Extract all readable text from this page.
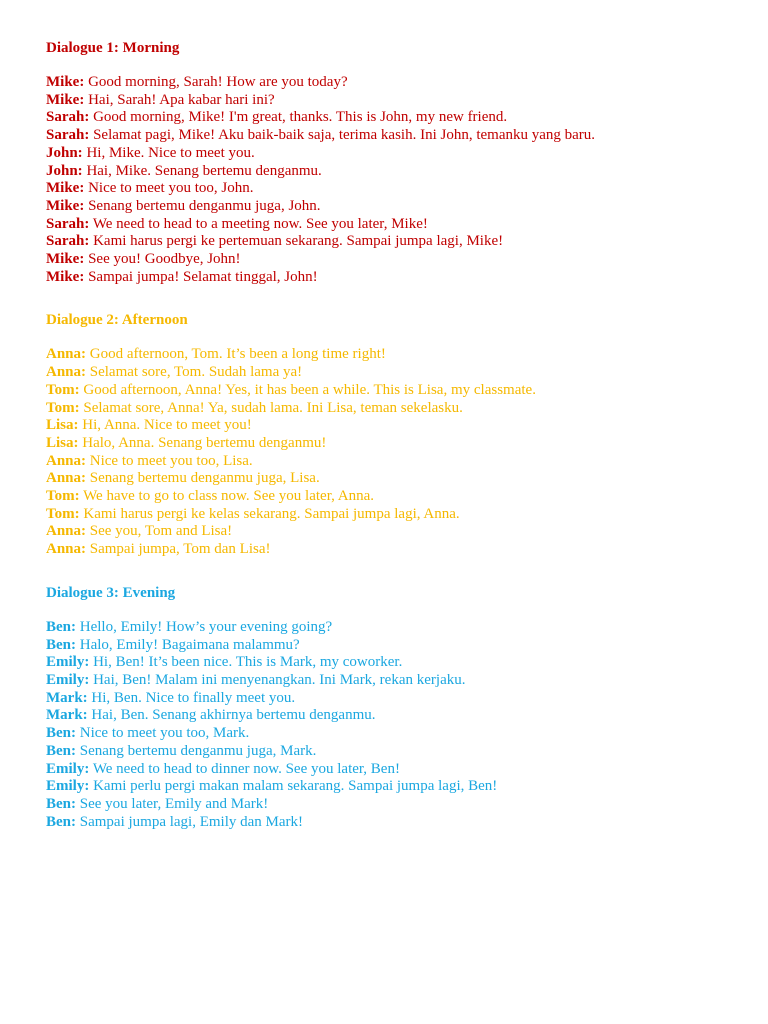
Dialogue 1: Morning
Mike: Good morning, Sarah! How are you today?
Mike: Hai, Sarah! Apa kabar hari ini?
Sarah: Good morning, Mike! I'm great, thanks. This is John, my new friend.
Sarah: Selamat pagi, Mike! Aku baik-baik saja, terima kasih. Ini John, temanku yang baru.
John: Hi, Mike. Nice to meet you.
John: Hai, Mike. Senang bertemu denganmu.
Mike: Nice to meet you too, John.
Mike: Senang bertemu denganmu juga, John.
Sarah: We need to head to a meeting now. See you later, Mike!
Sarah: Kami harus pergi ke pertemuan sekarang. Sampai jumpa lagi, Mike!
Mike: See you! Goodbye, John!
Mike: Sampai jumpa! Selamat tinggal, John!
Dialogue 2: Afternoon
Anna: Good afternoon, Tom. It’s been a long time right!
Anna: Selamat sore, Tom. Sudah lama ya!
Tom: Good afternoon, Anna! Yes, it has been a while. This is Lisa, my classmate.
Tom: Selamat sore, Anna! Ya, sudah lama. Ini Lisa, teman sekelasku.
Lisa: Hi, Anna. Nice to meet you!
Lisa: Halo, Anna. Senang bertemu denganmu!
Anna: Nice to meet you too, Lisa.
Anna: Senang bertemu denganmu juga, Lisa.
Tom: We have to go to class now. See you later, Anna.
Tom: Kami harus pergi ke kelas sekarang. Sampai jumpa lagi, Anna.
Anna: See you, Tom and Lisa!
Anna: Sampai jumpa, Tom dan Lisa!
Dialogue 3: Evening
Ben: Hello, Emily! How’s your evening going?
Ben: Halo, Emily! Bagaimana malammu?
Emily: Hi, Ben! It’s been nice. This is Mark, my coworker.
Emily: Hai, Ben! Malam ini menyenangkan. Ini Mark, rekan kerjaku.
Mark: Hi, Ben. Nice to finally meet you.
Mark: Hai, Ben. Senang akhirnya bertemu denganmu.
Ben: Nice to meet you too, Mark.
Ben: Senang bertemu denganmu juga, Mark.
Emily: We need to head to dinner now. See you later, Ben!
Emily: Kami perlu pergi makan malam sekarang. Sampai jumpa lagi, Ben!
Ben: See you later, Emily and Mark!
Ben: Sampai jumpa lagi, Emily dan Mark!
